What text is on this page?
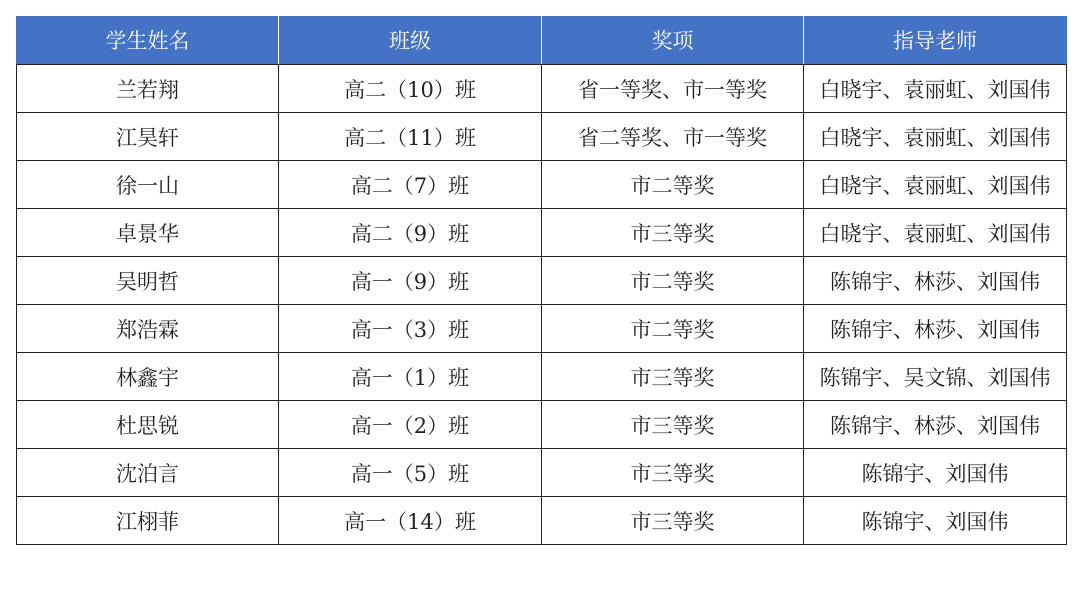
学生姓名	班级	奖项	指导老师
兰若翔	高二（10）班	省一等奖、市一等奖	白晓宇、袁丽虹、刘国伟
江昊轩	高二（11）班	省二等奖、市一等奖	白晓宇、袁丽虹、刘国伟
徐一山	高二（7）班	市二等奖	白晓宇、袁丽虹、刘国伟
卓景华	高二（9）班	市三等奖	白晓宇、袁丽虹、刘国伟
吴明哲	高一（9）班	市二等奖	陈锦宇、林莎、刘国伟
郑浩霖	高一（3）班	市二等奖	陈锦宇、林莎、刘国伟
林鑫宇	高一（1）班	市三等奖	陈锦宇、吴文锦、刘国伟
杜思锐	高一（2）班	市三等奖	陈锦宇、林莎、刘国伟
沈泊言	高一（5）班	市三等奖	陈锦宇、刘国伟
江栩菲	高一（14）班	市三等奖	陈锦宇、刘国伟
